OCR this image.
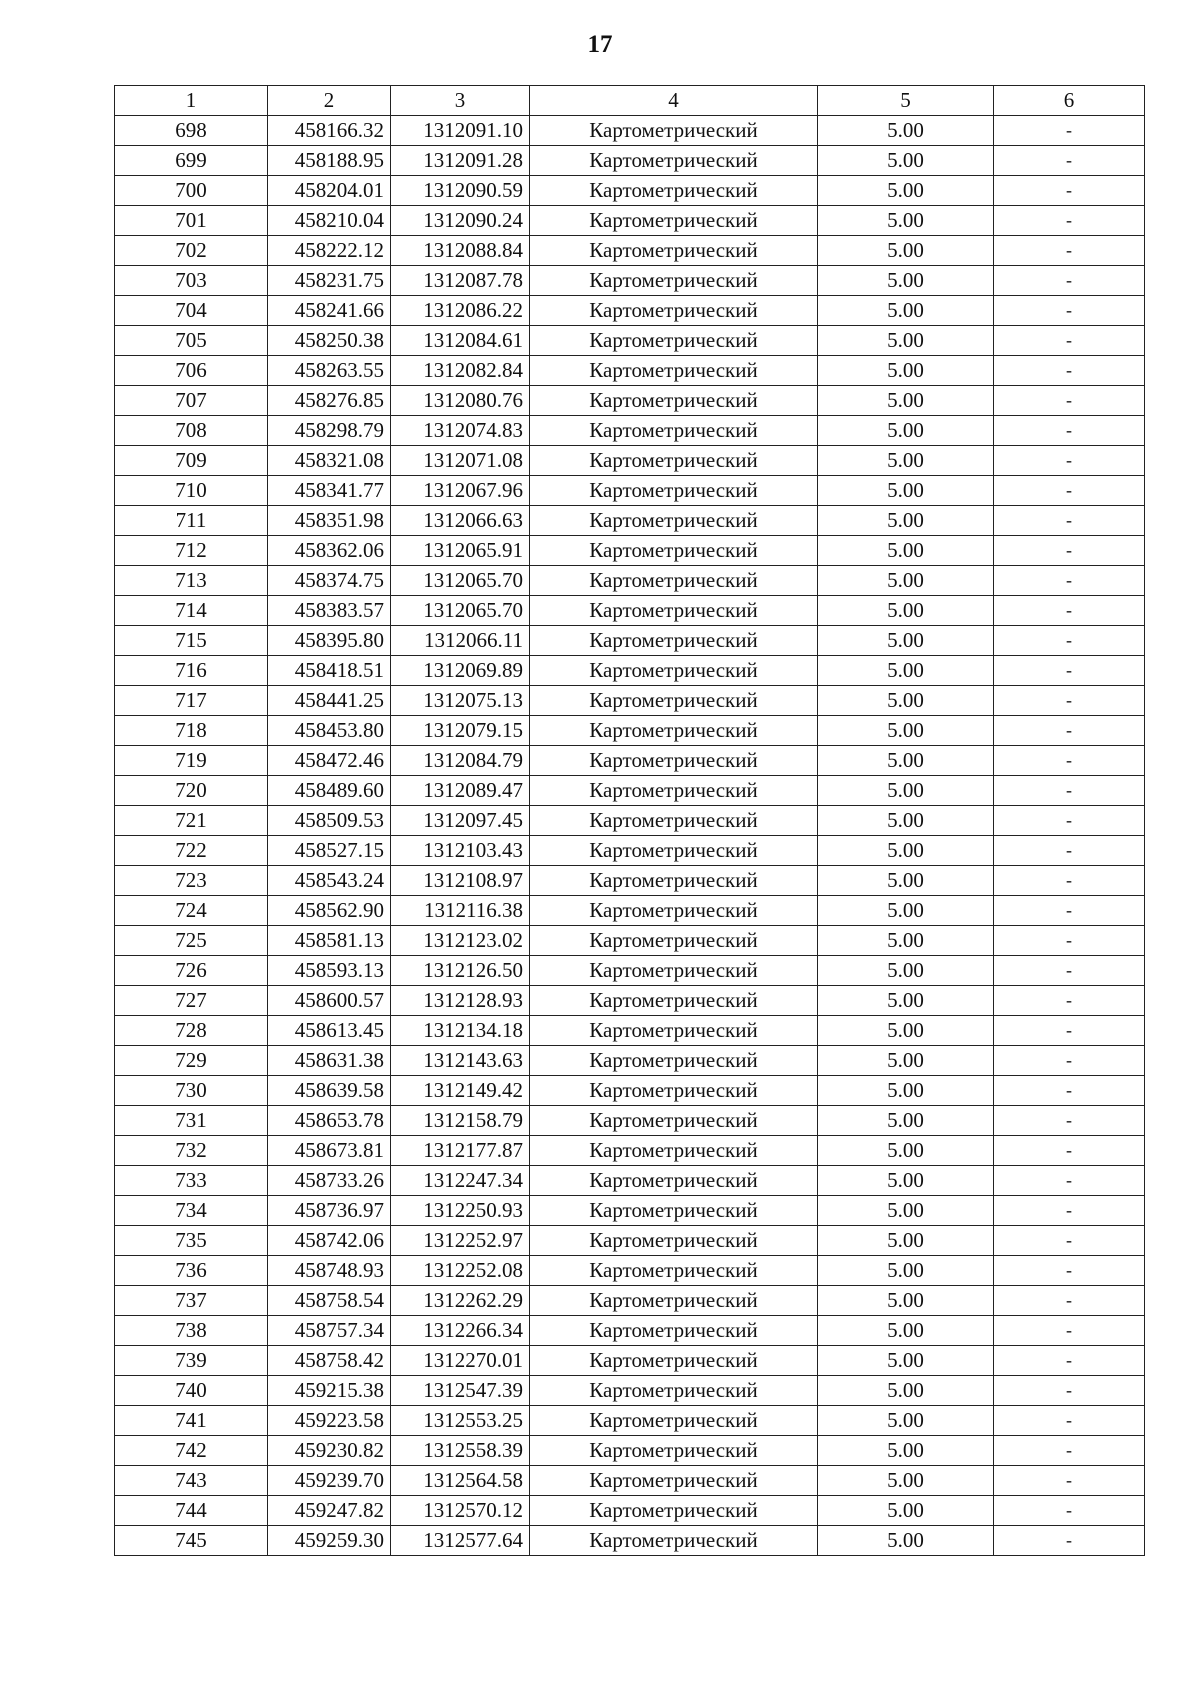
17
1	2	3	4	5	6
698	458166.32	1312091.10	Картометрический	5.00	-
699	458188.95	1312091.28	Картометрический	5.00	-
700	458204.01	1312090.59	Картометрический	5.00	-
701	458210.04	1312090.24	Картометрический	5.00	-
702	458222.12	1312088.84	Картометрический	5.00	-
703	458231.75	1312087.78	Картометрический	5.00	-
704	458241.66	1312086.22	Картометрический	5.00	-
705	458250.38	1312084.61	Картометрический	5.00	-
706	458263.55	1312082.84	Картометрический	5.00	-
707	458276.85	1312080.76	Картометрический	5.00	-
708	458298.79	1312074.83	Картометрический	5.00	-
709	458321.08	1312071.08	Картометрический	5.00	-
710	458341.77	1312067.96	Картометрический	5.00	-
711	458351.98	1312066.63	Картометрический	5.00	-
712	458362.06	1312065.91	Картометрический	5.00	-
713	458374.75	1312065.70	Картометрический	5.00	-
714	458383.57	1312065.70	Картометрический	5.00	-
715	458395.80	1312066.11	Картометрический	5.00	-
716	458418.51	1312069.89	Картометрический	5.00	-
717	458441.25	1312075.13	Картометрический	5.00	-
718	458453.80	1312079.15	Картометрический	5.00	-
719	458472.46	1312084.79	Картометрический	5.00	-
720	458489.60	1312089.47	Картометрический	5.00	-
721	458509.53	1312097.45	Картометрический	5.00	-
722	458527.15	1312103.43	Картометрический	5.00	-
723	458543.24	1312108.97	Картометрический	5.00	-
724	458562.90	1312116.38	Картометрический	5.00	-
725	458581.13	1312123.02	Картометрический	5.00	-
726	458593.13	1312126.50	Картометрический	5.00	-
727	458600.57	1312128.93	Картометрический	5.00	-
728	458613.45	1312134.18	Картометрический	5.00	-
729	458631.38	1312143.63	Картометрический	5.00	-
730	458639.58	1312149.42	Картометрический	5.00	-
731	458653.78	1312158.79	Картометрический	5.00	-
732	458673.81	1312177.87	Картометрический	5.00	-
733	458733.26	1312247.34	Картометрический	5.00	-
734	458736.97	1312250.93	Картометрический	5.00	-
735	458742.06	1312252.97	Картометрический	5.00	-
736	458748.93	1312252.08	Картометрический	5.00	-
737	458758.54	1312262.29	Картометрический	5.00	-
738	458757.34	1312266.34	Картометрический	5.00	-
739	458758.42	1312270.01	Картометрический	5.00	-
740	459215.38	1312547.39	Картометрический	5.00	-
741	459223.58	1312553.25	Картометрический	5.00	-
742	459230.82	1312558.39	Картометрический	5.00	-
743	459239.70	1312564.58	Картометрический	5.00	-
744	459247.82	1312570.12	Картометрический	5.00	-
745	459259.30	1312577.64	Картометрический	5.00	-
